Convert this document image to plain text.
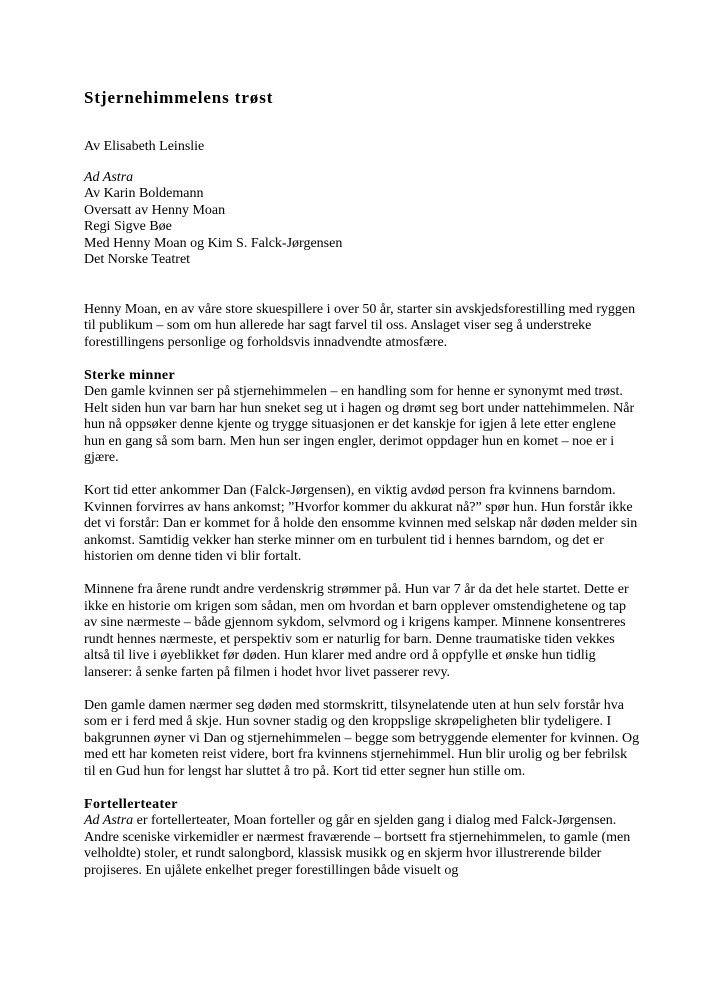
Stjernehimmelens trøst

Av Elisabeth Leinslie

Ad Astra

Av Karin Boldemann

Oversatt av Henny Moan

Regi Sigve Bøe

Med Henny Moan og Kim S. Falck-Jørgensen

Det Norske Teatret

Henny Moan, en av våre store skuespillere i over 50 år, starter sin avskjedsforestilling med ryggen til publikum – som om hun allerede har sagt farvel til oss. Anslaget viser seg å understreke forestillingens personlige og forholdsvis innadvendte atmosfære.

Sterke minner

Den gamle kvinnen ser på stjernehimmelen – en handling som for henne er synonymt med trøst. Helt siden hun var barn har hun sneket seg ut i hagen og drømt seg bort under nattehimmelen. Når hun nå oppsøker denne kjente og trygge situasjonen er det kanskje for igjen å lete etter englene hun en gang så som barn. Men hun ser ingen engler, derimot oppdager hun en komet – noe er i gjære.

Kort tid etter ankommer Dan (Falck-Jørgensen), en viktig avdød person fra kvinnens barndom. Kvinnen forvirres av hans ankomst; ”Hvorfor kommer du akkurat nå?” spør hun. Hun forstår ikke det vi forstår: Dan er kommet for å holde den ensomme kvinnen med selskap når døden melder sin ankomst. Samtidig vekker han sterke minner om en turbulent tid i hennes barndom, og det er historien om denne tiden vi blir fortalt.

Minnene fra årene rundt andre verdenskrig strømmer på. Hun var 7 år da det hele startet. Dette er ikke en historie om krigen som sådan, men om hvordan et barn opplever omstendighetene og tap av sine nærmeste – både gjennom sykdom, selvmord og i krigens kamper. Minnene konsentreres rundt hennes nærmeste, et perspektiv som er naturlig for barn. Denne traumatiske tiden vekkes altså til live i øyeblikket før døden. Hun klarer med andre ord å oppfylle et ønske hun tidlig lanserer: å senke farten på filmen i hodet hvor livet passerer revy.

Den gamle damen nærmer seg døden med stormskritt, tilsynelatende uten at hun selv forstår hva som er i ferd med å skje. Hun sovner stadig og den kroppslige skrøpeligheten blir tydeligere. I bakgrunnen øyner vi Dan og stjernehimmelen – begge som betryggende elementer for kvinnen. Og med ett har kometen reist videre, bort fra kvinnens stjernehimmel. Hun blir urolig og ber febrilsk til en Gud hun for lengst har sluttet å tro på. Kort tid etter segner hun stille om.

Fortellerteater

Ad Astra er fortellerteater, Moan forteller og går en sjelden gang i dialog med Falck-Jørgensen. Andre sceniske virkemidler er nærmest fraværende – bortsett fra stjernehimmelen, to gamle (men velholdte) stoler, et rundt salongbord, klassisk musikk og en skjerm hvor illustrerende bilder projiseres. En ujålete enkelhet preger forestillingen både visuelt og
